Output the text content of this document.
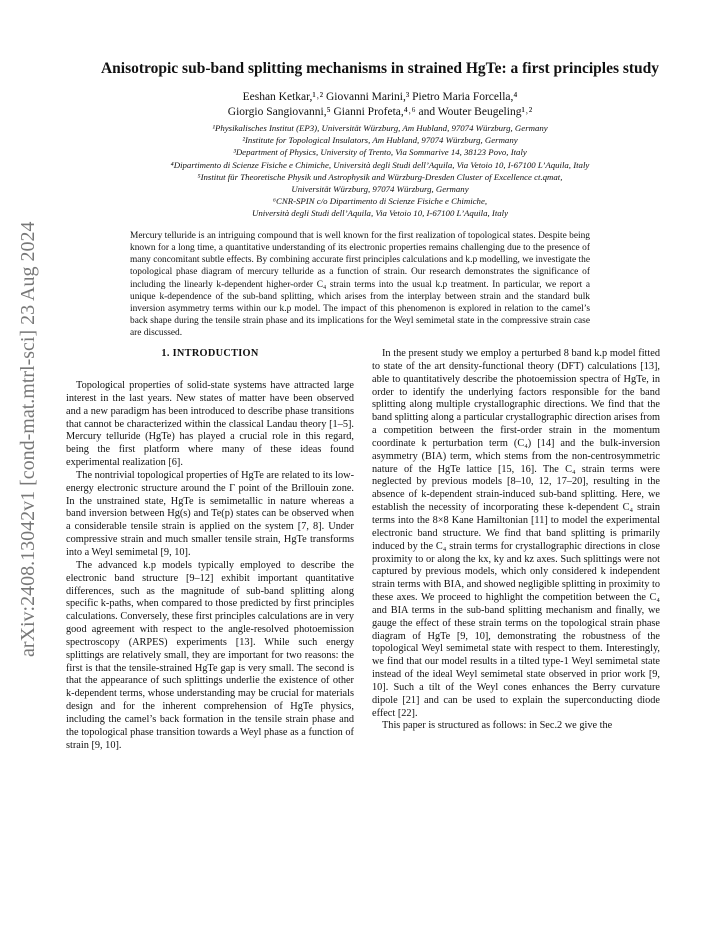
arXiv:2408.13042v1 [cond-mat.mtrl-sci] 23 Aug 2024
Anisotropic sub-band splitting mechanisms in strained HgTe: a first principles study
Eeshan Ketkar,¹˒² Giovanni Marini,³ Pietro Maria Forcella,⁴
Giorgio Sangiovanni,⁵ Gianni Profeta,⁴˒⁶ and Wouter Beugeling¹˒²
¹Physikalisches Institut (EP3), Universität Würzburg, Am Hubland, 97074 Würzburg, Germany
²Institute for Topological Insulators, Am Hubland, 97074 Würzburg, Germany
³Department of Physics, University of Trento, Via Sommarive 14, 38123 Povo, Italy
⁴Dipartimento di Scienze Fisiche e Chimiche, Università degli Studi dell’Aquila, Via Vetoio 10, I-67100 L’Aquila, Italy
⁵Institut für Theoretische Physik und Astrophysik and Würzburg-Dresden Cluster of Excellence ct.qmat,
Universität Würzburg, 97074 Würzburg, Germany
⁶CNR-SPIN c/o Dipartimento di Scienze Fisiche e Chimiche,
Università degli Studi dell’Aquila, Via Vetoio 10, I-67100 L’Aquila, Italy

Mercury telluride is an intriguing compound that is well known for the first realization of topological states. Despite being known for a long time, a quantitative understanding of its electronic properties remains challenging due to the presence of many concomitant subtle effects. By combining accurate first principles calculations and k.p modelling, we investigate the topological phase diagram of mercury telluride as a function of strain. Our research demonstrates the significance of including the linearly k-dependent higher-order C₄ strain terms into the usual k.p treatment. In particular, we report a unique k-dependence of the sub-band splitting, which arises from the interplay between strain and the standard bulk inversion asymmetry terms within our k.p model. The impact of this phenomenon is explored in relation to the camel’s back shape during the tensile strain phase and its implications for the Weyl semimetal state in the compressive strain case are discussed.

1. INTRODUCTION

Topological properties of solid-state systems have attracted large interest in the last years. New states of matter have been observed and a new paradigm has been introduced to describe phase transitions that cannot be characterized within the classical Landau theory [1–5]. Mercury telluride (HgTe) has played a crucial role in this regard, being the first platform where many of these ideas found experimental realization [6].

The nontrivial topological properties of HgTe are related to its low-energy electronic structure around the Γ point of the Brillouin zone. In the unstrained state, HgTe is semimetallic in nature whereas a band inversion between Hg(s) and Te(p) states can be observed when a considerable tensile strain is applied on the system [7, 8]. Under compressive strain and much smaller tensile strain, HgTe transforms into a Weyl semimetal [9, 10].

The advanced k.p models typically employed to describe the electronic band structure [9–12] exhibit important quantitative differences, such as the magnitude of sub-band splitting along specific k-paths, when compared to those predicted by first principles calculations. Conversely, these first principles calculations are in very good agreement with respect to the angle-resolved photoemission spectroscopy (ARPES) experiments [13]. While such energy splittings are relatively small, they are important for two reasons: the first is that the tensile-strained HgTe gap is very small. The second is that the appearance of such splittings underlie the existence of other k-dependent terms, whose understanding may be crucial for materials design and for the inherent comprehension of HgTe physics, including the camel’s back formation in the tensile strain phase and the topological phase transition towards a Weyl phase as a function of strain [9, 10].

In the present study we employ a perturbed 8 band k.p model fitted to state of the art density-functional theory (DFT) calculations [13], able to quantitatively describe the photoemission spectra of HgTe, in order to identify the underlying factors responsible for the band splitting along multiple crystallographic directions. We find that the band splitting along a particular crystallographic direction arises from a competition between the first-order strain in the momentum coordinate k perturbation term (C₄) [14] and the bulk-inversion asymmetry (BIA) term, which stems from the non-centrosymmetric nature of the HgTe lattice [15, 16]. The C₄ strain terms were neglected by previous models [8–10, 12, 17–20], resulting in the absence of k-dependent strain-induced sub-band splitting. Here, we establish the necessity of incorporating these k-dependent C₄ strain terms into the 8×8 Kane Hamiltonian [11] to model the experimental electronic band structure. We find that band splitting is primarily induced by the C₄ strain terms for crystallographic directions in close proximity to or along the kx, ky and kz axes. Such splittings were not captured by previous models, which only considered k independent strain terms with BIA, and showed negligible splitting in proximity to these axes. We proceed to highlight the competition between the C₄ and BIA terms in the sub-band splitting mechanism and finally, we gauge the effect of these strain terms on the topological strain phase diagram of HgTe [9, 10], demonstrating the robustness of the topological Weyl semimetal state with respect to them. Interestingly, we find that our model results in a tilted type-1 Weyl semimetal state instead of the ideal Weyl semimetal state observed in prior work [9, 10]. Such a tilt of the Weyl cones enhances the Berry curvature dipole [21] and can be used to explain the superconducting diode effect [22].

This paper is structured as follows: in Sec.2 we give the
